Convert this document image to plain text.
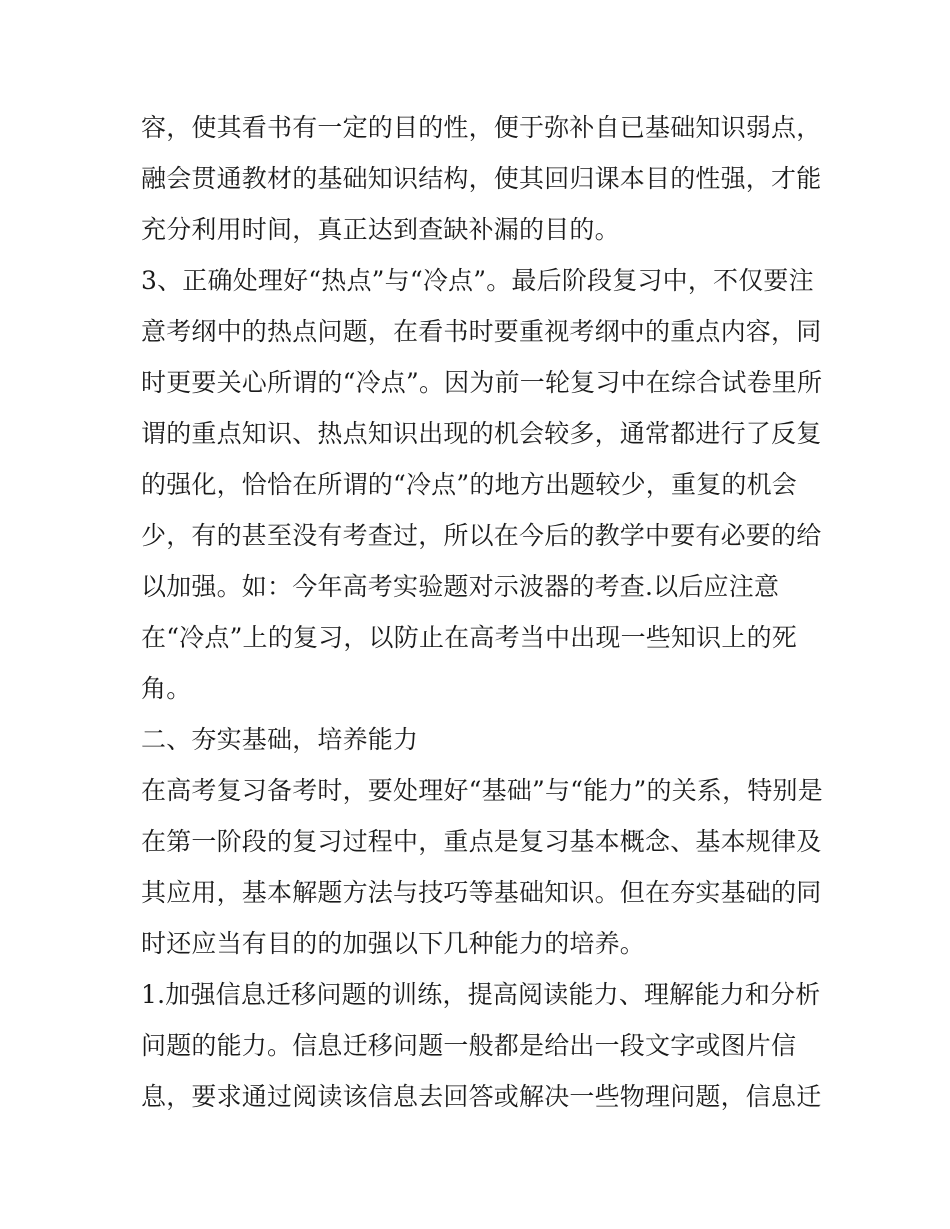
容，使其看书有一定的目的性，便于弥补自已基础知识弱点，
融会贯通教材的基础知识结构，使其回归课本目的性强，才能
充分利用时间，真正达到查缺补漏的目的。
3、正确处理好“热点”与“冷点”。最后阶段复习中，不仅要注
意考纲中的热点问题，在看书时要重视考纲中的重点内容，同
时更要关心所谓的“冷点”。因为前一轮复习中在综合试卷里所
谓的重点知识、热点知识出现的机会较多，通常都进行了反复
的强化，恰恰在所谓的“冷点”的地方出题较少，重复的机会
少，有的甚至没有考查过，所以在今后的教学中要有必要的给
以加强。如：今年高考实验题对示波器的考查.以后应注意
在“冷点”上的复习，以防止在高考当中出现一些知识上的死
角。
二、夯实基础，培养能力
在高考复习备考时，要处理好“基础”与“能力”的关系，特别是
在第一阶段的复习过程中，重点是复习基本概念、基本规律及
其应用，基本解题方法与技巧等基础知识。但在夯实基础的同
时还应当有目的的加强以下几种能力的培养。
1.加强信息迁移问题的训练，提高阅读能力、理解能力和分析
问题的能力。信息迁移问题一般都是给出一段文字或图片信
息，要求通过阅读该信息去回答或解决一些物理问题，信息迁
